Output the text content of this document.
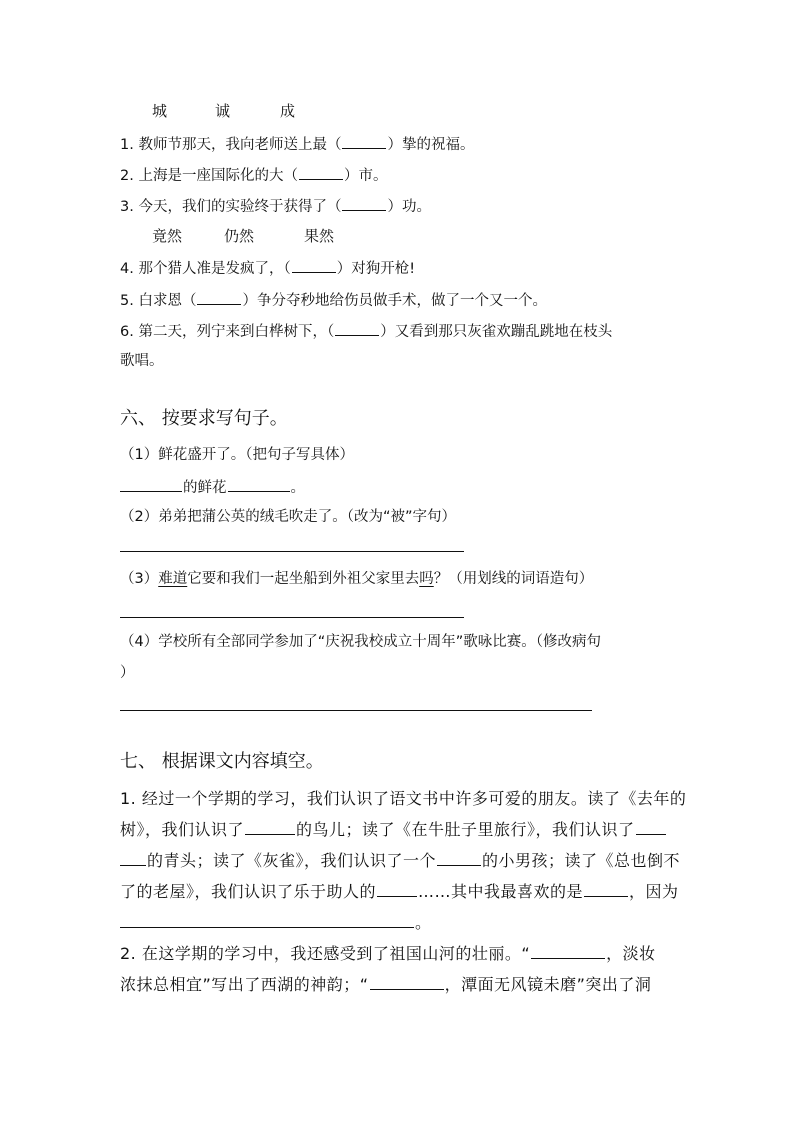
城	诚	成
1. 教师节那天，我向老师送上最（	）挚的祝福。
2. 上海是一座国际化的大（	）市。
3. 今天，我们的实验终于获得了（	）功。
竟然	仍然	果然
4. 那个猎人准是发疯了，（	）对狗开枪!
5. 白求恩（	）争分夺秒地给伤员做手术，做了一个又一个。
6. 第二天，列宁来到白桦树下，（	）又看到那只灰雀欢蹦乱跳地在枝头
歌唱。
六、 按要求写句子。
（1）鲜花盛开了。（把句子写具体）
的鲜花	。
（2）弟弟把蒲公英的绒毛吹走了。（改为“被”字句）
（3）难道它要和我们一起坐船到外祖父家里去吗？（用划线的词语造句）
（4）学校所有全部同学参加了“庆祝我校成立十周年”歌咏比赛。（修改病句
）
七、 根据课文内容填空。
1. 经过一个学期的学习，我们认识了语文书中许多可爱的朋友。读了《去年的
树》，我们认识了	的鸟儿；读了《在牛肚子里旅行》，我们认识了
的青头；读了《灰雀》，我们认识了一个	的小男孩；读了《总也倒不
了的老屋》，我们认识了乐于助人的	……其中我最喜欢的是	，因为
。
2. 在这学期的学习中，我还感受到了祖国山河的壮丽。“	，淡妆
浓抹总相宜”写出了西湖的神韵；“	，潭面无风镜未磨”突出了洞
